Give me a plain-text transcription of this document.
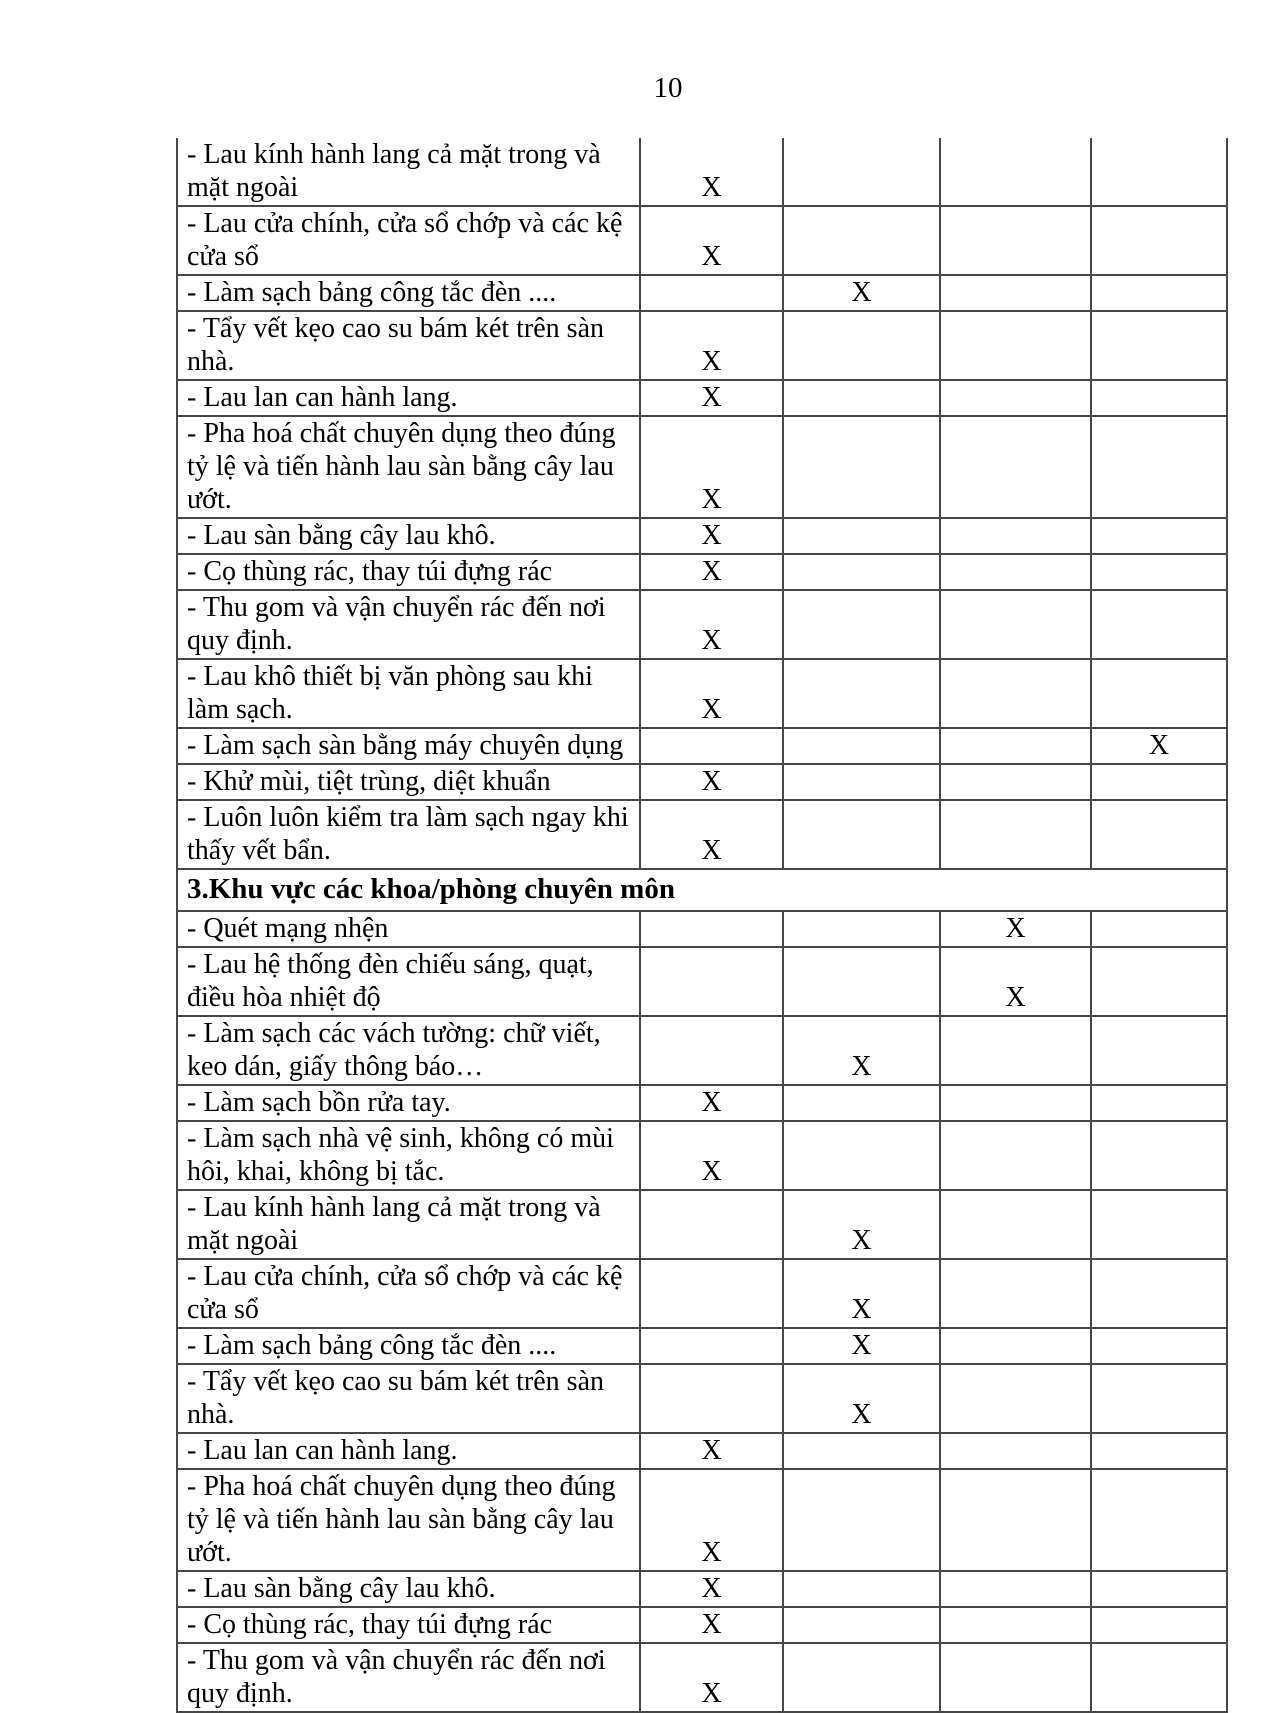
10
- Lau kính hành lang cả mặt trong và mặt ngoài	X			
- Lau cửa chính, cửa sổ chớp và các kệ cửa sổ	X			
- Làm sạch bảng công tắc đèn ....		X		
- Tẩy vết kẹo cao su bám két trên sàn nhà.	X			
- Lau lan can hành lang.	X			
- Pha hoá chất chuyên dụng theo đúng tỷ lệ và tiến hành lau sàn bằng cây lau ướt.	X			
- Lau sàn bằng cây lau khô.	X			
- Cọ thùng rác, thay túi đựng rác	X			
- Thu gom và vận chuyển rác đến nơi quy định.	X			
- Lau khô thiết bị văn phòng sau khi làm sạch.	X			
- Làm sạch sàn bằng máy chuyên dụng				X
- Khử mùi, tiệt trùng, diệt khuẩn	X			
- Luôn luôn kiểm tra làm sạch ngay khi thấy vết bẩn.	X			
3.Khu vực các khoa/phòng chuyên môn				
- Quét mạng nhện			X	
- Lau hệ thống đèn chiếu sáng, quạt, điều hòa nhiệt độ			X	
- Làm sạch các vách tường: chữ viết, keo dán, giấy thông báo…		X		
- Làm sạch bồn rửa tay.	X			
- Làm sạch nhà vệ sinh, không có mùi hôi, khai, không bị tắc.	X			
- Lau kính hành lang cả mặt trong và mặt ngoài		X		
- Lau cửa chính, cửa sổ chớp và các kệ cửa sổ		X		
- Làm sạch bảng công tắc đèn ....		X		
- Tẩy vết kẹo cao su bám két trên sàn nhà.		X		
- Lau lan can hành lang.	X			
- Pha hoá chất chuyên dụng theo đúng tỷ lệ và tiến hành lau sàn bằng cây lau ướt.	X			
- Lau sàn bằng cây lau khô.	X			
- Cọ thùng rác, thay túi đựng rác	X			
- Thu gom và vận chuyển rác đến nơi quy định.	X			
